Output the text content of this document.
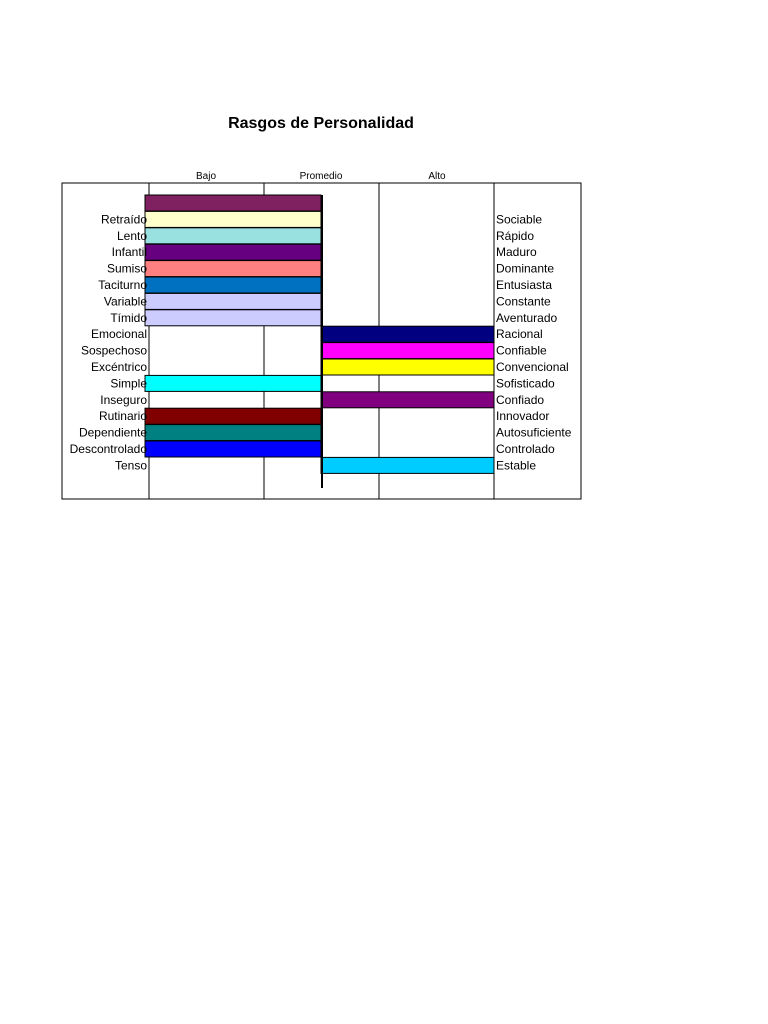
Rasgos de Personalidad
Bajo	Promedio	Alto
Retraído	Sociable
Lento	Rápido
Infantil	Maduro
Sumiso	Dominante
Taciturno	Entusiasta
Variable	Constante
Tímido	Aventurado
Emocional	Racional
Sospechoso	Confiable
Excéntrico	Convencional
Simple	Sofisticado
Inseguro	Confiado
Rutinario	Innovador
Dependiente	Autosuficiente
Descontrolado	Controlado
Tenso	Estable
